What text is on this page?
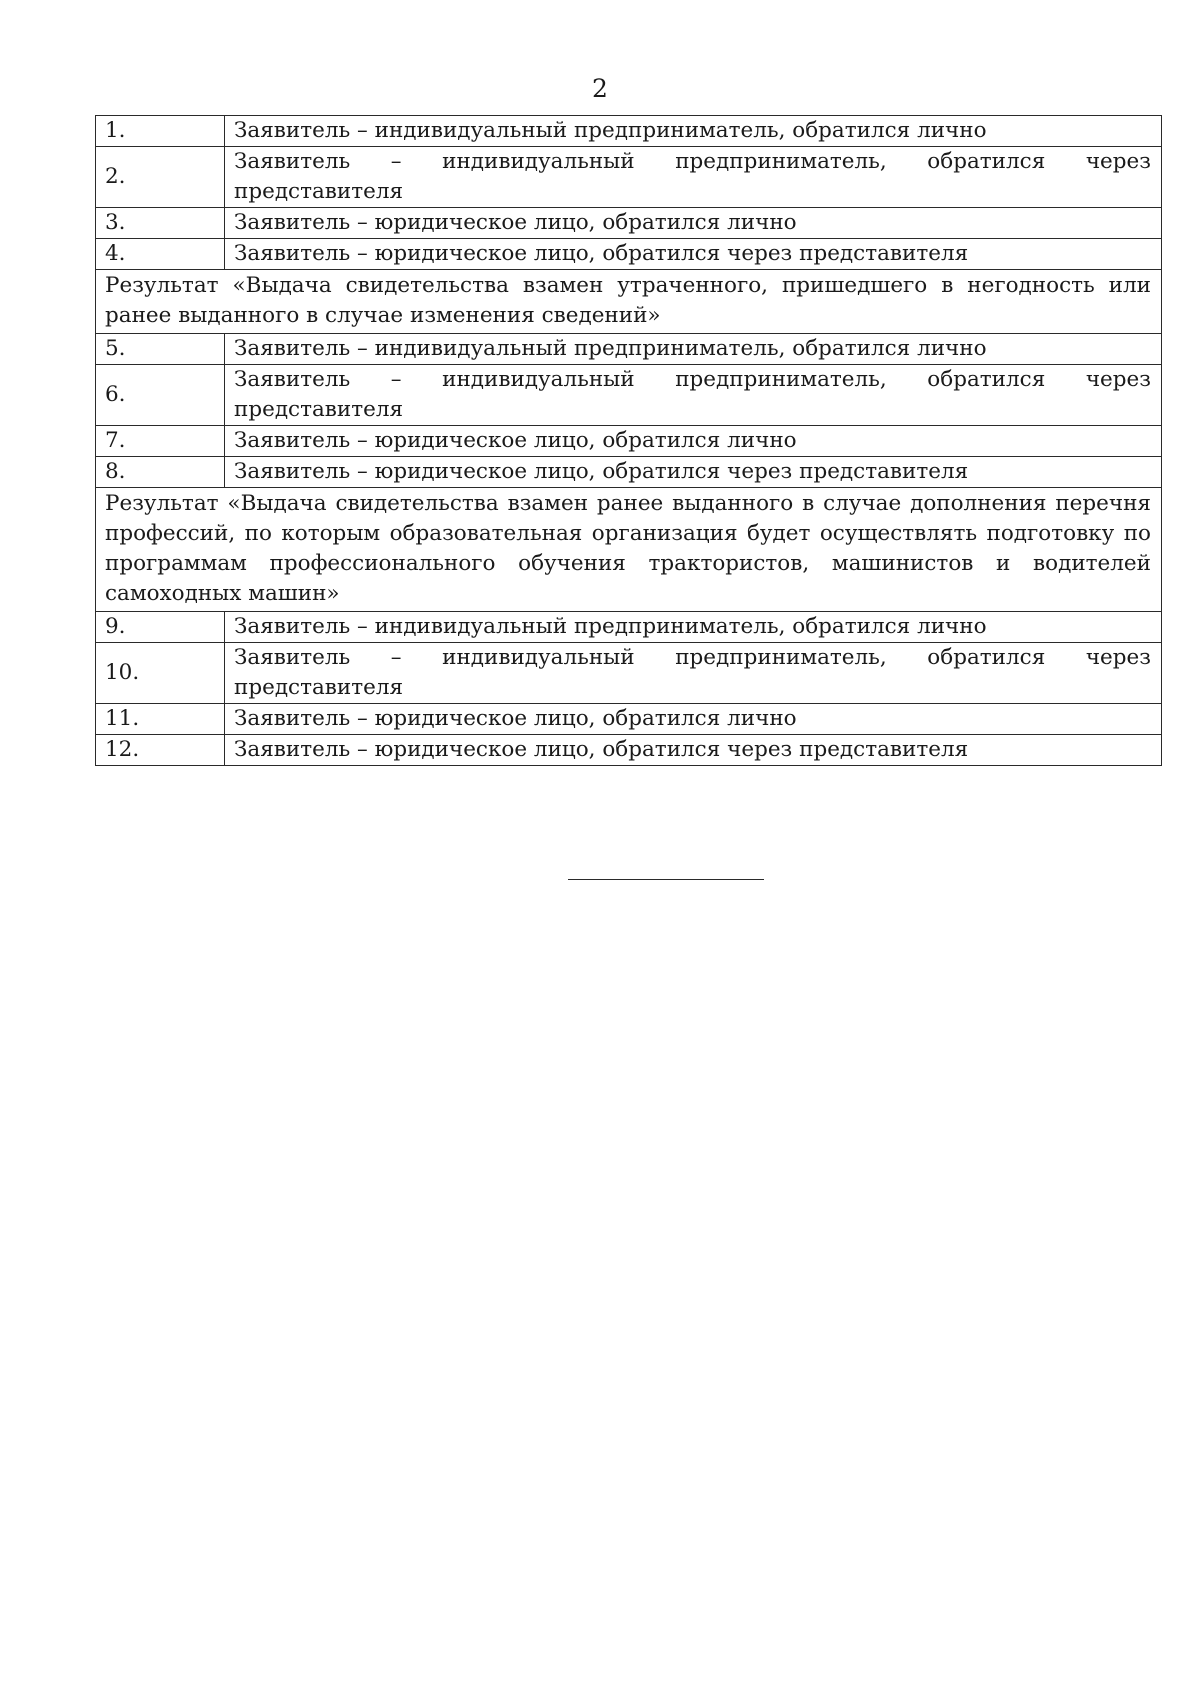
2
1.	Заявитель – индивидуальный предприниматель, обратился лично
2.	Заявитель – индивидуальный предприниматель, обратился через представителя
3.	Заявитель – юридическое лицо, обратился лично
4.	Заявитель – юридическое лицо, обратился через представителя
Результат «Выдача свидетельства взамен утраченного, пришедшего в негодность или ранее выданного в случае изменения сведений»	
5.	Заявитель – индивидуальный предприниматель, обратился лично
6.	Заявитель – индивидуальный предприниматель, обратился через представителя
7.	Заявитель – юридическое лицо, обратился лично
8.	Заявитель – юридическое лицо, обратился через представителя
Результат «Выдача свидетельства взамен ранее выданного в случае дополнения перечня профессий, по которым образовательная организация будет осуществлять подготовку по программам профессионального обучения трактористов, машинистов и водителей самоходных машин»	
9.	Заявитель – индивидуальный предприниматель, обратился лично
10.	Заявитель – индивидуальный предприниматель, обратился через представителя
11.	Заявитель – юридическое лицо, обратился лично
12.	Заявитель – юридическое лицо, обратился через представителя
